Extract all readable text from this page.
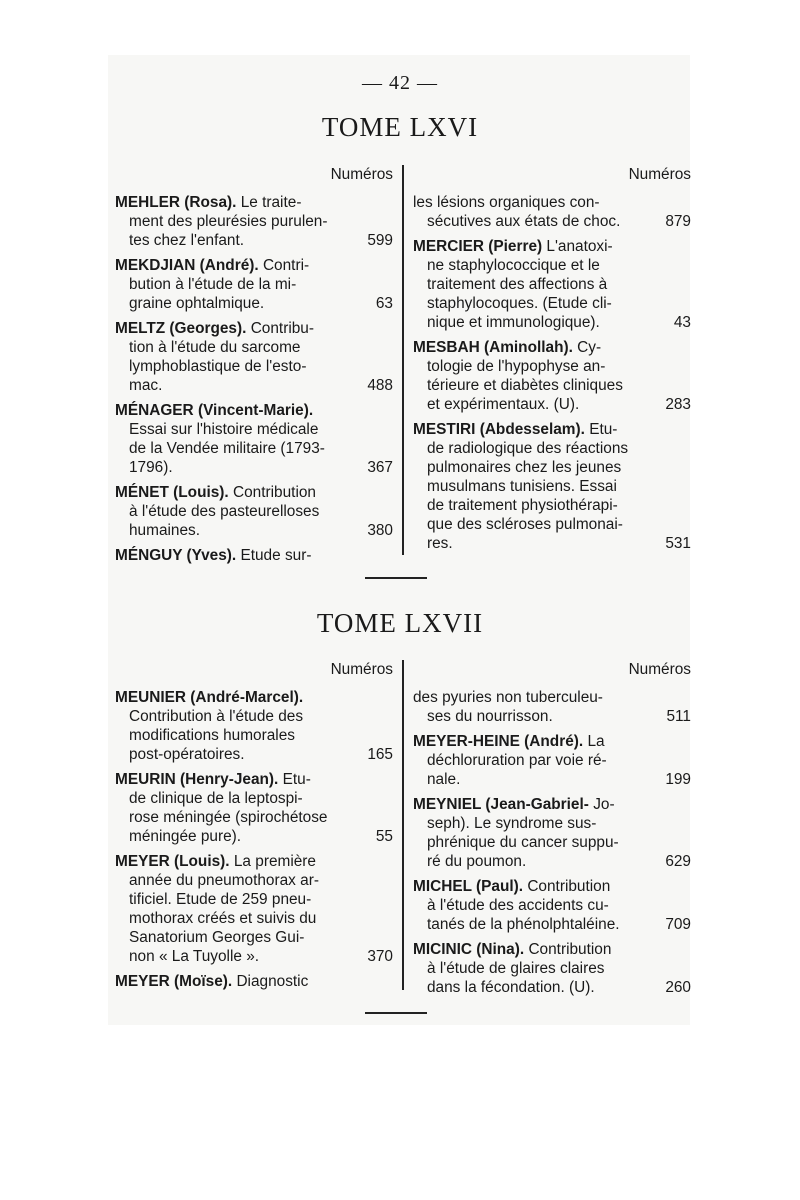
— 42 —
TOME LXVI
Numéros
MEHLER (Rosa). Le traite-
ment des pleurésies purulen-
tes chez l'enfant.	599
MEKDJIAN (André). Contri-
bution à l'étude de la mi-
graine ophtalmique.	63
MELTZ (Georges). Contribu-
tion à l'étude du sarcome
lymphoblastique de l'esto-
mac.	488
MÉNAGER (Vincent-Marie).
Essai sur l'histoire médicale
de la Vendée militaire (1793-
1796).	367
MÉNET (Louis). Contribution
à l'étude des pasteurelloses
humaines.	380
MÉNGUY (Yves). Etude sur-
Numéros
les lésions organiques con-
sécutives aux états de choc.	879
MERCIER (Pierre) L'anatoxi-
ne staphylococcique et le
traitement des affections à
staphylocoques. (Etude cli-
nique et immunologique).	43
MESBAH (Aminollah). Cy-
tologie de l'hypophyse an-
térieure et diabètes cliniques
et expérimentaux. (U).	283
MESTIRI (Abdesselam). Etu-
de radiologique des réactions
pulmonaires chez les jeunes
musulmans tunisiens. Essai
de traitement physiothérapi-
que des scléroses pulmonai-
res.	531
TOME LXVII
Numéros
MEUNIER (André-Marcel).
Contribution à l'étude des
modifications humorales
post-opératoires.	165
MEURIN (Henry-Jean). Etu-
de clinique de la leptospi-
rose méningée (spirochétose
méningée pure).	55
MEYER (Louis). La première
année du pneumothorax ar-
tificiel. Etude de 259 pneu-
mothorax créés et suivis du
Sanatorium Georges Gui-
non « La Tuyolle ».	370
MEYER (Moïse). Diagnostic
Numéros
des pyuries non tuberculeu-
ses du nourrisson.	511
MEYER-HEINE (André). La
déchloruration par voie ré-
nale.	199
MEYNIEL (Jean-Gabriel- Jo-
seph). Le syndrome sus-
phrénique du cancer suppu-
ré du poumon.	629
MICHEL (Paul). Contribution
à l'étude des accidents cu-
tanés de la phénolphtaléine.	709
MICINIC (Nina). Contribution
à l'étude de glaires claires
dans la fécondation. (U).	260
